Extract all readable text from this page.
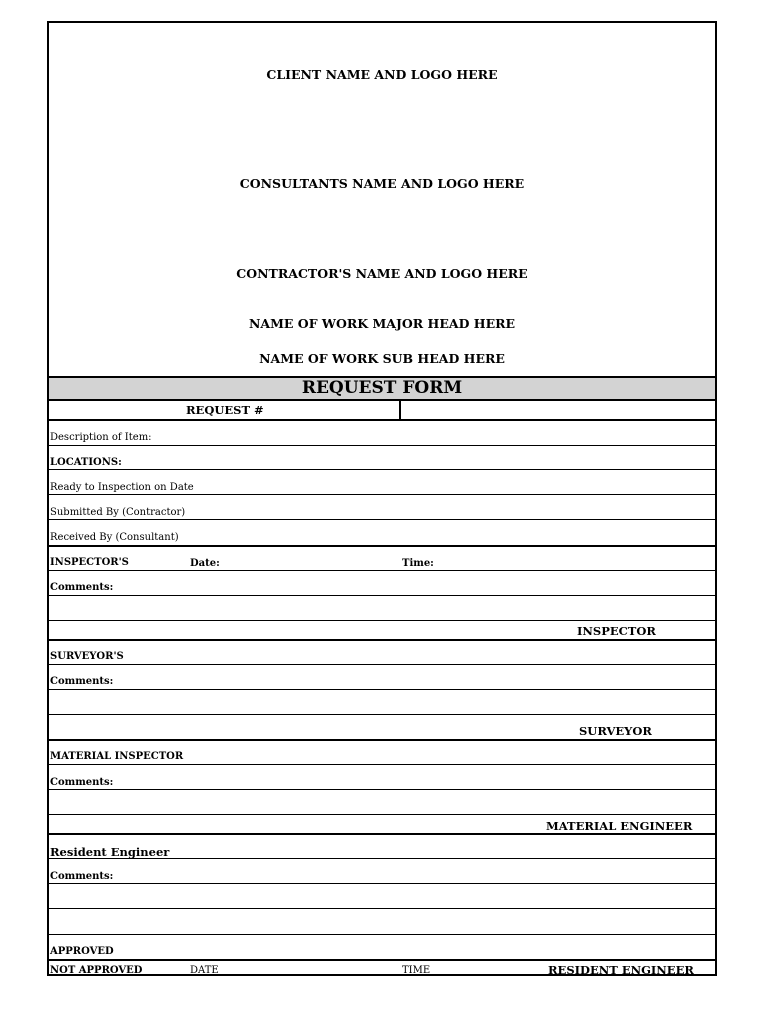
CLIENT NAME AND LOGO HERE
CONSULTANTS NAME AND LOGO HERE
CONTRACTOR'S NAME AND LOGO HERE
NAME OF WORK MAJOR HEAD HERE
NAME OF WORK SUB HEAD HERE
REQUEST FORM
REQUEST #
Description of Item:
LOCATIONS:
Ready to Inspection on Date
Submitted By (Contractor)
Received By (Consultant)
INSPECTOR'S	Date:	Time:
Comments:
INSPECTOR
SURVEYOR'S
Comments:
SURVEYOR
MATERIAL INSPECTOR
Comments:
MATERIAL ENGINEER
Resident Engineer
Comments:
APPROVED
NOT APPROVED	DATE	TIME	RESIDENT ENGINEER
